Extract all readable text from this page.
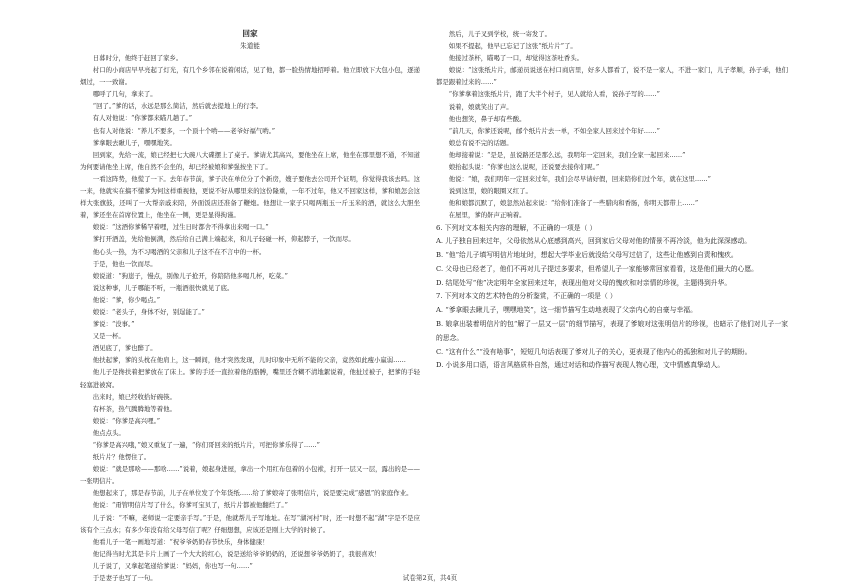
回家
朱道能

日暮时分，他终于赶回了家乡。

村口的小商店早早亮起了灯光，有几个乡邻在说着闲话，见了他，都一脸热情地招呼着。他立即放下大包小包，逐递烟过，一一致谢。

哪呼了几句，拿来了。

“回了。”爹的话，水远是那么简洁，然后就去提地上的行李。

有人对他说：“你爹都来瞄几趟了。”

也有人对他说：“养儿不要多，一个顶十个哟——老爷好福气哟。”

爹拿眼去瞅儿子，嘿嘿地笑。

回到家，先给一流，娘已经把七大碗八大碟摆上了桌子。爹请尤其高兴，要他坐在上席，他坐在那里想不通，不知道为何要请他坐上席，他自然不会坐的，却已经被娘和爹强按坐下了。

一看这阵势，他慌了一下。去年春节前，爹子决在单位分了个新房，嫂子要他去公司开个证明，你觉得我该去吗。这一来，他就实在搞不懂爹为何这样重视他，更说不好从哪里来的这份隆重，一年不过年，他又不回家这样，爹和娘怎会这样大张旗鼓，还叫了一大帮亲戚来陪，外面饭店还准备了鞭炮。他想让一家子只喝两瓶玉一斤玉米的酒，就这么大胆坐着，爹还坐在首席位置上，他坐在一侧，更是显得拘谨。

娘说：“这酒你爹稀罕着哩，过生日时都舍不得拿出来喝一口。”

爹打开酒盖，先给他倒满，然后给自己满上端起来，和儿子轻碰一杯，仰起脖子，一饮而尽。

他心头一热，为不习喝酒的父亲和儿子这不在不言中的一杯。

于是，他也一饮而尽。

娘说道：“狗崽子，慢点，别像儿子抢开，你陪陪他多喝几杯，吃菜。”

说这种事，儿子哪能不听，一瓶酒很快就见了底。

他说：“爹，你少喝点。”

娘说：“老头子，身体不好，别逞能了。”

爹说：“没事。”

又是一杯。

酒见底了，爹也醉了。

他扶起爹，爹的头枕在他肩上，这一瞬间，他才突然发现，儿时印象中无所不能的父亲，竟然如此瘦小羸弱……

他儿子是搀扶着把爹放在了床上。爹的手还一直拉着他的胳膊，嘴里还含糊不清地絮说着，他扯过被子，把爹的手轻轻塞进被窝。

出来时，娘已经收拾好碗筷。

有杯茶，热气腾腾地等着他。

娘说：“你爹是高兴哩。”

他点点头。

“你爹是高兴哦，”娘又重复了一遍，“你们哥回来的纸片片，可把你爹乐得了……”

纸片片？他愣住了。

娘说：“就是那啥——那啥……”说着，娘起身进屋，拿出一个用红布包着的小包袱，打开一层又一层，露出的是——一张明信片。

他想起来了，那是春节前，儿子在单位发了个年货纸……给了爹娘寄了张明信片，说是要完成“感恩”的家庭作业。

他说：“甭管明信片写了什么，你爹可宝贝了，纸片片都被他翻烂了。”

儿子说：“不嘛，老师说一定要亲手写。”于是，他就帮儿子写地址。在写“湖河村”时，还一时想不起“湖”字是不是应该有个三点水；有多少年没有给父母写信了呢？仔细想想，应该还是刚上大学的时候了。

他看儿子一笔一画地写道：“祝爷爷奶奶春节快乐，身体健康！

他记得当时尤其是卡片上画了一个大大的红心，说是送给爷爷奶奶的，还说想爷爷奶奶了，我很喜欢！

儿子说了，又拿起笔递给爹说：“妈妈，你也写一句……”

于是妻子也写了一句。

然后，儿子叉到学校，统一寄发了。

如果不提起，他早已忘记了这张“纸片片”了。

他接过茶杯，瞄喝了一口，却觉得这茶吐香头。

娘说：“这张纸片片，邮递员说送在村口商店里，好多人都看了，说不是一家人，不进一家门，儿子孝顺，孙子乖，他们都是跟着过来的……”

“你爹拿着这张纸片片，跑了大半个村子，见人就给人看，说孙子写的……”

说着，娘就笑出了声。

他也想笑，鼻子却有些酸。

“前几天，你爹还说呢，邮个纸片片去一单，不如全家人回来过个年好……”

娘总有说不完的话题。

他却接着说：“是是，虽说路还是那么远，我明年一定回来，我们全家一起回来……”

娘抬起头说：“你爹也这么说呢，还说要去接你们呢。”

他说：“娘，我们明年一定回来过年，我们会尽早请好假，回来陪你们过个年，就在这里……”

说到这里，娘的眼圈又红了。

他和娘都沉默了，娘忽然站起来说：“给你们准备了一些腊肉和香肠，你明天都带上……”

在屋里，爹的鼾声正响着。

6. 下列对文本相关内容的理解，不正确的一项是（ ）

A. 儿子独自回来过年，父母依然从心底感到高兴，回到家后父母对他的情景不再冷淡，他为此深深感动。

B. “他”给儿子填写明信片地址时，想起大学毕业后就没给父母写过信了，这些让他感到自责和愧疚。

C. 父母也已经老了，他们不再对儿子提过多要求，但希望儿子一家能够常回家看看，这是他们最大的心愿。

D. 结尾处写“他”决定明年全家回来过年，表现出他对父母的愧疚和对亲情的珍视，主题得到升华。

7. 下列对本文的艺术特色的分析鉴赏，不正确的一项是（ ）

A. “爹拿眼去瞅儿子，嘿嘿地笑”，这一细节描写生动地表现了父亲内心的自豪与幸福。

B. 娘拿出装着明信片的包“解了一层又一层”的细节描写，表现了爹娘对这张明信片的珍视，也暗示了他们对儿子一家的思念。

C. “这有什么”“没有啥事”，短短几句话表现了爹对儿子的关心，更表现了他内心的孤独和对儿子的期盼。

D. 小说多用口语，语言风格质朴自然，通过对话和动作描写表现人物心理，文中情感真挚动人。

试卷第2页，共4页
